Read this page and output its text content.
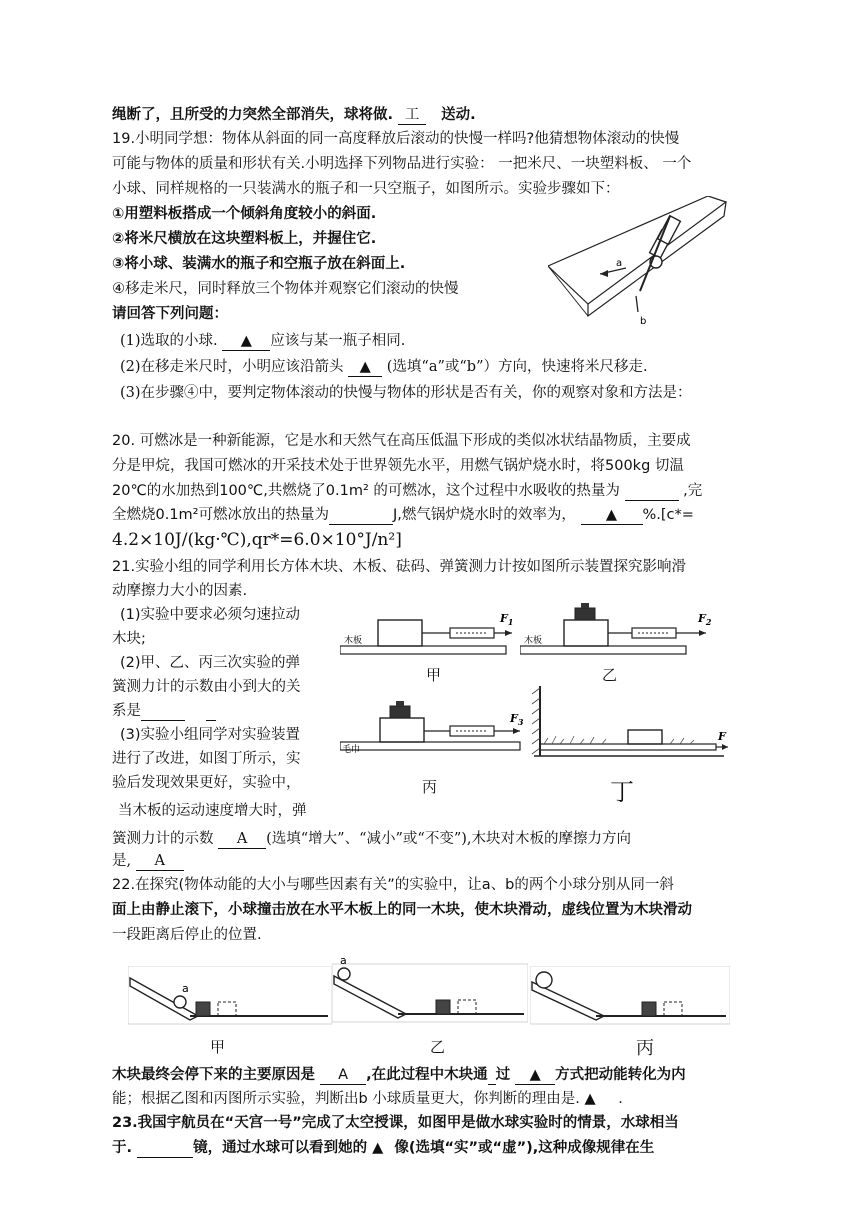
绳断了，且所受的力突然全部消失，球将做. 工 送动.
19.小明同学想：物体从斜面的同一高度释放后滚动的快慢一样吗?他猜想物体滚动的快慢
可能与物体的质量和形状有关.小明选择下列物品进行实验： 一把米尺、一块塑料板、 一个
小球、同样规格的一只装满水的瓶子和一只空瓶子，如图所示。实验步骤如下：
①用塑料板搭成一个倾斜角度较小的斜面.
②将米尺横放在这块塑料板上，并握住它.
③将小球、装满水的瓶子和空瓶子放在斜面上.
④移走米尺，同时释放三个物体并观察它们滚动的快慢
请回答下列问题：
(1)选取的小球. ▲ 应该与某一瓶子相同.
(2)在移走米尺时，小明应该沿箭头 ▲ (选填“a”或“b”）方向，快速将米尺移走.
(3)在步骤④中，要判定物体滚动的快慢与物体的形状是否有关，你的观察对象和方法是：
a
b
20. 可燃冰是一种新能源，它是水和天然气在高压低温下形成的类似冰状结晶物质，主要成
分是甲烷，我国可燃冰的开采技术处于世界领先水平，用燃气锅炉烧水时，将500kg 切温
20℃的水加热到100℃,共燃烧了0.1m² 的可燃冰，这个过程中水吸收的热量为	,完
全燃烧0.1m²可燃冰放出的热量为	J,燃气锅炉烧水时的效率为， ▲ %.[c*=
4.2×10J/(kg·℃),qr*=6.0×10°J/n²]
21.实验小组的同学利用长方体木块、木板、砝码、弹簧测力计按如图所示装置探究影响滑
动摩擦力大小的因素.
(1)实验中要求必须匀速拉动
木块;
(2)甲、乙、丙三次实验的弹
簧测力计的示数由小到大的关
系是
(3)实验小组同学对实验装置
进行了改进，如图丁所示，实
验后发现效果更好，实验中，
当木板的运动速度增大时，弹
簧测力计的示数 A (选填“增大”、“减小”或“不变”),木块对木板的摩擦力方向
是, A
木板
$F_1$
甲
木板
$F_2$
乙
毛巾
$F_3$
丙
F
丁
22.在探究(物体动能的大小与哪些因素有关”的实验中，让a、b的两个小球分别从同一斜
面上由静止滚下，小球撞击放在水平木板上的同一木块，使木块滑动，虚线位置为木块滑动
一段距离后停止的位置.
a
甲
a
乙	丙
木块最终会停下来的主要原因是 A ,在此过程中木块通 过 ▲ 方式把动能转化为内
能；根据乙图和丙图所示实验，判断出b 小球质量更大，你判断的理由是. ▲ .
23.我国宇航员在“天宫一号”完成了太空授课，如图甲是做水球实验时的情景，水球相当
于.	镜，通过水球可以看到她的 ▲ 像(选填“实”或“虚”),这种成像规律在生
